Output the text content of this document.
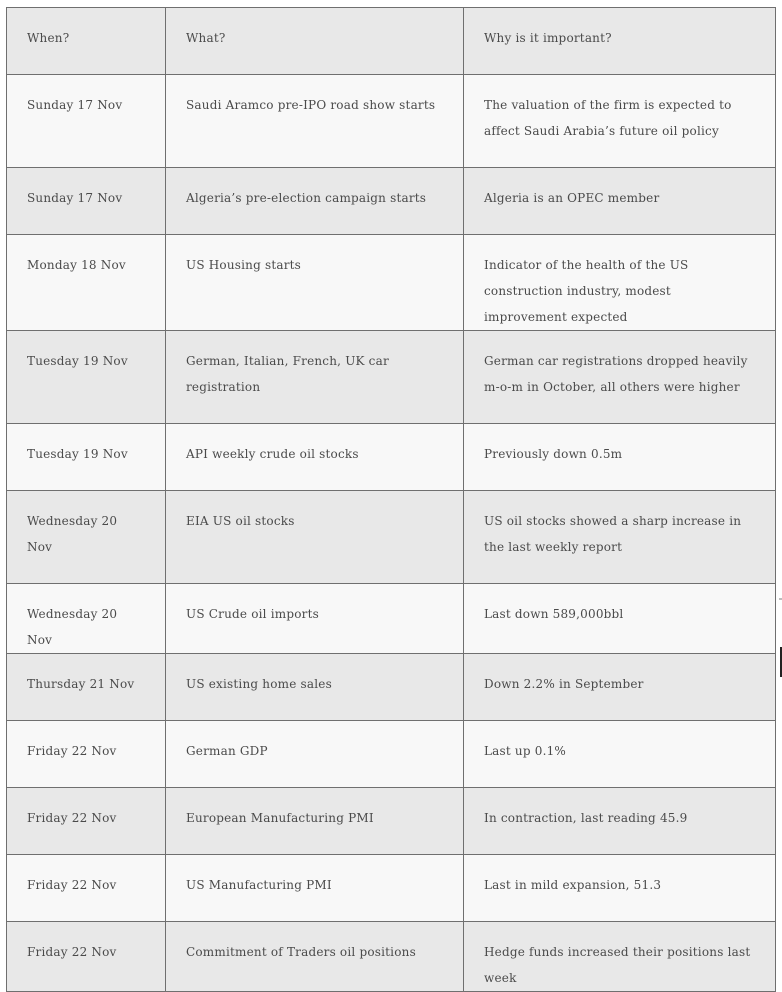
When?	What?	Why is it important?
Sunday 17 Nov	Saudi Aramco pre-IPO road show starts	The valuation of the firm is expected to affect Saudi Arabia’s future oil policy
Sunday 17 Nov	Algeria’s pre-election campaign starts	Algeria is an OPEC member
Monday 18 Nov	US Housing starts	Indicator of the health of the US construction industry, modest improvement expected
Tuesday 19 Nov	German, Italian, French, UK car registration	German car registrations dropped heavily m-o-m in October, all others were higher
Tuesday 19 Nov	API weekly crude oil stocks	Previously down 0.5m
Wednesday 20 Nov	EIA US oil stocks	US oil stocks showed a sharp increase in the last weekly report
Wednesday 20 Nov	US Crude oil imports	Last down 589,000bbl
Thursday 21 Nov	US existing home sales	Down 2.2% in September
Friday 22 Nov	German GDP	Last up 0.1%
Friday 22 Nov	European Manufacturing PMI	In contraction, last reading 45.9
Friday 22 Nov	US Manufacturing PMI	Last in mild expansion, 51.3
Friday 22 Nov	Commitment of Traders oil positions	Hedge funds increased their positions last week
